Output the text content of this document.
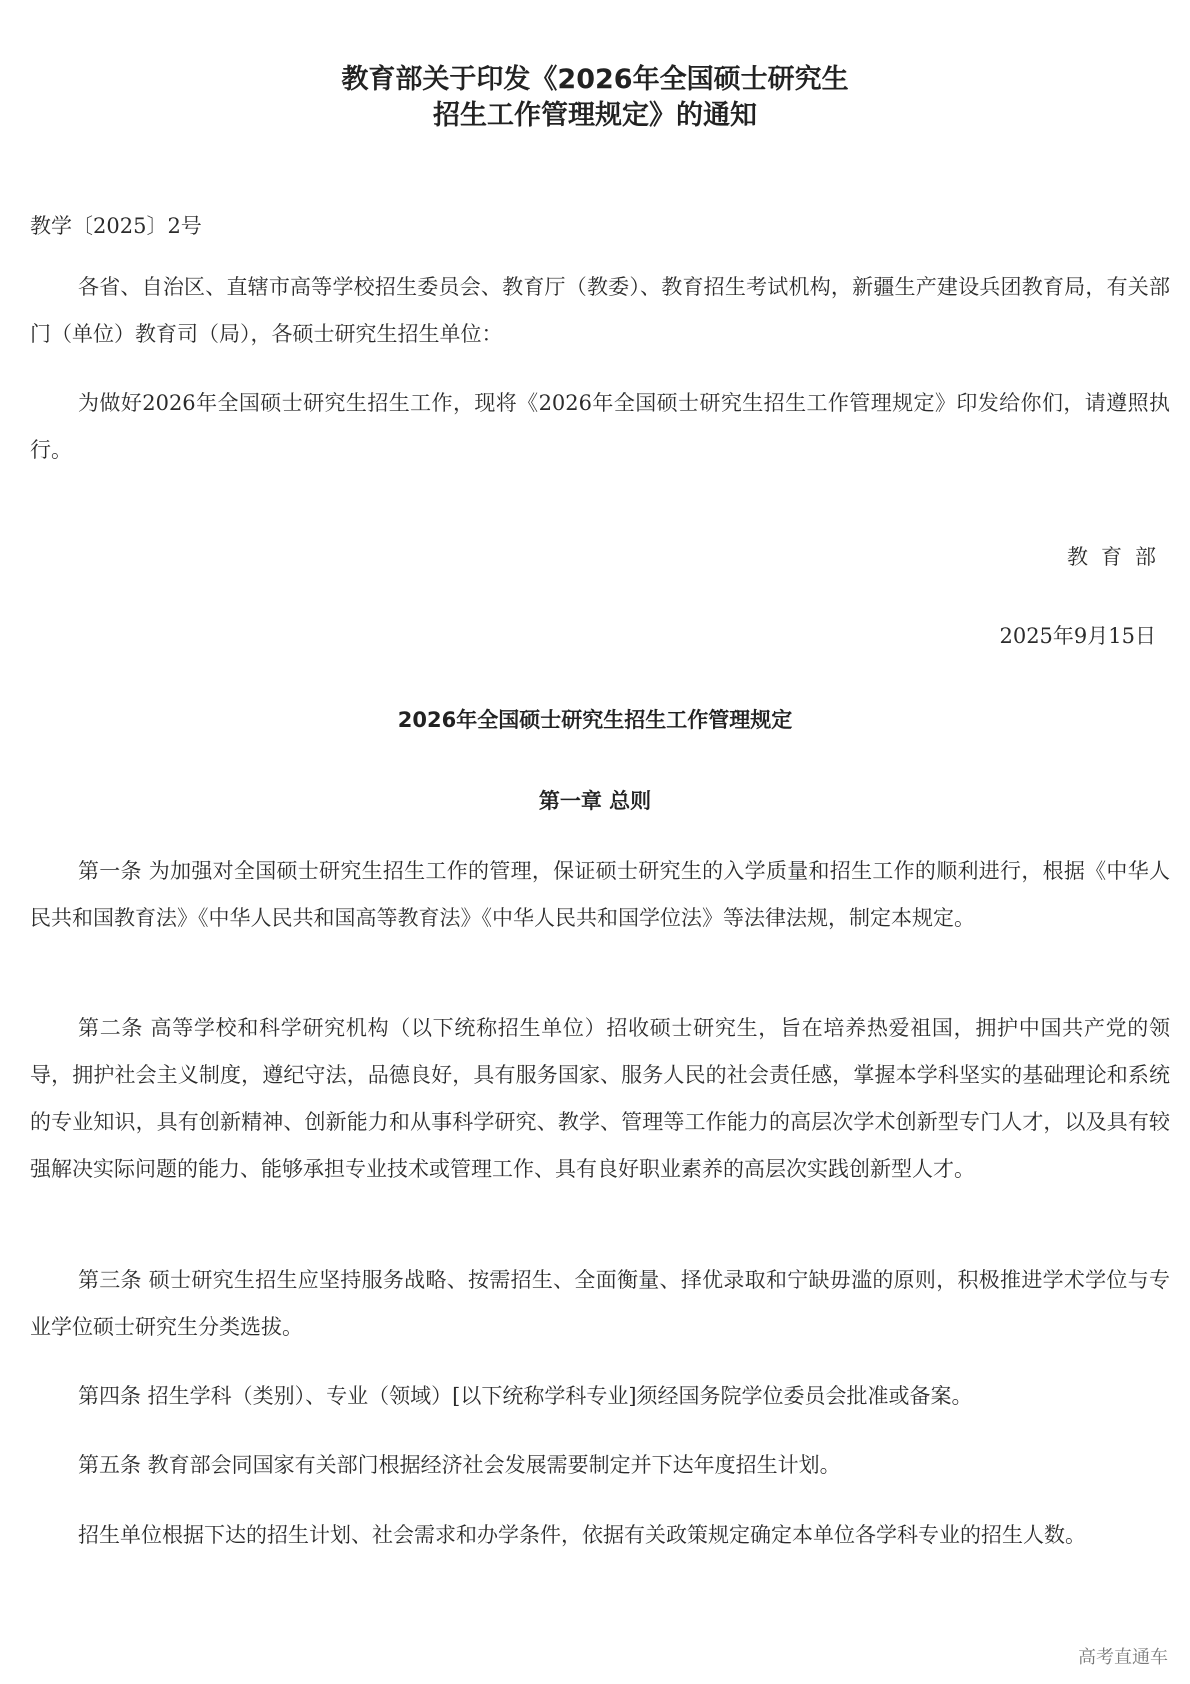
教育部关于印发《2026年全国硕士研究生
招生工作管理规定》的通知
教学〔2025〕2号

各省、自治区、直辖市高等学校招生委员会、教育厅（教委）、教育招生考试机构，新疆生产建设兵团教育局，有关部门（单位）教育司（局），各硕士研究生招生单位：

为做好2026年全国硕士研究生招生工作，现将《2026年全国硕士研究生招生工作管理规定》印发给你们，请遵照执行。

教育部
2025年9月15日
2026年全国硕士研究生招生工作管理规定
第一章 总则

第一条 为加强对全国硕士研究生招生工作的管理，保证硕士研究生的入学质量和招生工作的顺利进行，根据《中华人民共和国教育法》《中华人民共和国高等教育法》《中华人民共和国学位法》等法律法规，制定本规定。

第二条 高等学校和科学研究机构（以下统称招生单位）招收硕士研究生，旨在培养热爱祖国，拥护中国共产党的领导，拥护社会主义制度，遵纪守法，品德良好，具有服务国家、服务人民的社会责任感，掌握本学科坚实的基础理论和系统的专业知识，具有创新精神、创新能力和从事科学研究、教学、管理等工作能力的高层次学术创新型专门人才，以及具有较强解决实际问题的能力、能够承担专业技术或管理工作、具有良好职业素养的高层次实践创新型人才。

第三条 硕士研究生招生应坚持服务战略、按需招生、全面衡量、择优录取和宁缺毋滥的原则，积极推进学术学位与专业学位硕士研究生分类选拔。

第四条 招生学科（类别）、专业（领域）[以下统称学科专业]须经国务院学位委员会批准或备案。

第五条 教育部会同国家有关部门根据经济社会发展需要制定并下达年度招生计划。

招生单位根据下达的招生计划、社会需求和办学条件，依据有关政策规定确定本单位各学科专业的招生人数。

高考直通车
